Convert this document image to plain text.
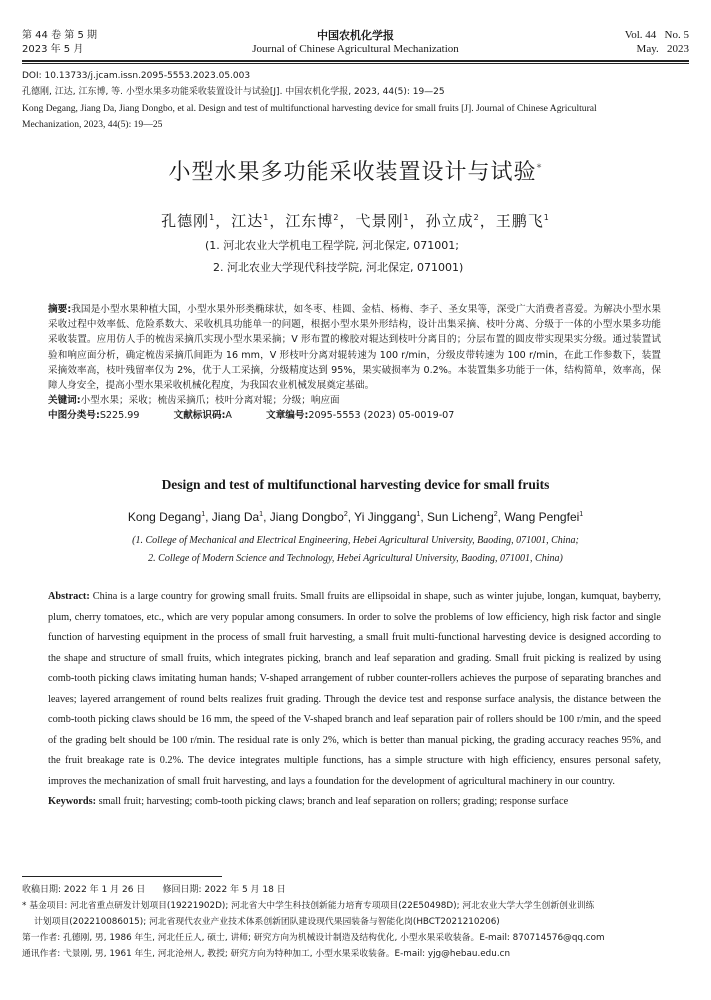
第 44 卷 第 5 期
2023 年 5 月
中国农机化学报
Journal of Chinese Agricultural Mechanization
Vol. 44   No. 5
May.   2023
DOI: 10.13733/j.jcam.issn.2095-5553.2023.05.003
孔德刚, 江达, 江东博, 等. 小型水果多功能采收装置设计与试验[J]. 中国农机化学报, 2023, 44(5): 19—25
Kong Degang, Jiang Da, Jiang Dongbo, et al. Design and test of multifunctional harvesting device for small fruits [J]. Journal of Chinese Agricultural
Mechanization, 2023, 44(5): 19—25
小型水果多功能采收装置设计与试验*
孔德刚$^1$，江达$^1$，江东博$^2$，弋景刚$^1$，孙立成$^2$，王鹏飞$^1$
(1. 河北农业大学机电工程学院, 河北保定, 071001;
2. 河北农业大学现代科技学院, 河北保定, 071001)
摘要:我国是小型水果种植大国，小型水果外形类椭球状，如冬枣、桂圆、金桔、杨梅、李子、圣女果等，深受广大消费者喜爱。为解决小型水果采收过程中效率低、危险系数大、采收机具功能单一的问题，根据小型水果外形结构，设计出集采摘、枝叶分离、分级于一体的小型水果多功能采收装置。应用仿人手的梳齿采摘爪实现小型水果采摘；V 形布置的橡胶对辊达到枝叶分离目的；分层布置的圆皮带实现果实分级。通过装置试验和响应面分析，确定梳齿采摘爪间距为 16 mm，V 形枝叶分离对辊转速为 100 r/min，分级皮带转速为 100 r/min，在此工作参数下，装置采摘效率高，枝叶残留率仅为 2%，优于人工采摘，分级精度达到 95%，果实破损率为 0.2%。本装置集多功能于一体，结构简单，效率高，保障人身安全，提高小型水果采收机械化程度，为我国农业机械发展奠定基础。
关键词:小型水果；采收；梳齿采摘爪；枝叶分离对辊；分级；响应面
中图分类号:S225.99	文献标识码:A	文章编号:2095-5553 (2023) 05-0019-07
Design and test of multifunctional harvesting device for small fruits
Kong Degang$^1$, Jiang Da$^1$, Jiang Dongbo$^2$, Yi Jinggang$^1$, Sun Licheng$^2$, Wang Pengfei$^1$
(1. College of Mechanical and Electrical Engineering, Hebei Agricultural University, Baoding, 071001, China;
2. College of Modern Science and Technology, Hebei Agricultural University, Baoding, 071001, China)
Abstract: China is a large country for growing small fruits. Small fruits are ellipsoidal in shape, such as winter jujube, longan, kumquat, bayberry, plum, cherry tomatoes, etc., which are very popular among consumers. In order to solve the problems of low efficiency, high risk factor and single function of harvesting equipment in the process of small fruit harvesting, a small fruit multi-functional harvesting device is designed according to the shape and structure of small fruits, which integrates picking, branch and leaf separation and grading. Small fruit picking is realized by using comb-tooth picking claws imitating human hands; V-shaped arrangement of rubber counter-rollers achieves the purpose of separating branches and leaves; layered arrangement of round belts realizes fruit grading. Through the device test and response surface analysis, the distance between the comb-tooth picking claws should be 16 mm, the speed of the V-shaped branch and leaf separation pair of rollers should be 100 r/min, and the speed of the grading belt should be 100 r/min. The residual rate is only 2%, which is better than manual picking, the grading accuracy reaches 95%, and the fruit breakage rate is 0.2%. The device integrates multiple functions, has a simple structure with high efficiency, ensures personal safety, improves the mechanization of small fruit harvesting, and lays a foundation for the development of agricultural machinery in our country.
Keywords: small fruit; harvesting; comb-tooth picking claws; branch and leaf separation on rollers; grading; response surface
收稿日期: 2022 年 1 月 26 日      修回日期: 2022 年 5 月 18 日
* 基金项目: 河北省重点研发计划项目(19221902D); 河北省大中学生科技创新能力培育专项项目(22E50498D); 河北农业大学大学生创新创业训练
计划项目(2022100860​15); 河北省现代农业产业技术体系创新团队建设现代果园装备与智能化岗(HBCT2021210206)
第一作者: 孔德刚, 男, 1986 年生, 河北任丘人, 硕士, 讲师; 研究方向为机械设计制造及结构优化, 小型水果采收装备。E-mail: 870714576@qq.com
通讯作者: 弋景刚, 男, 1961 年生, 河北沧州人, 教授; 研究方向为特种加工, 小型水果采收装备。E-mail: yjg@hebau.edu.cn
